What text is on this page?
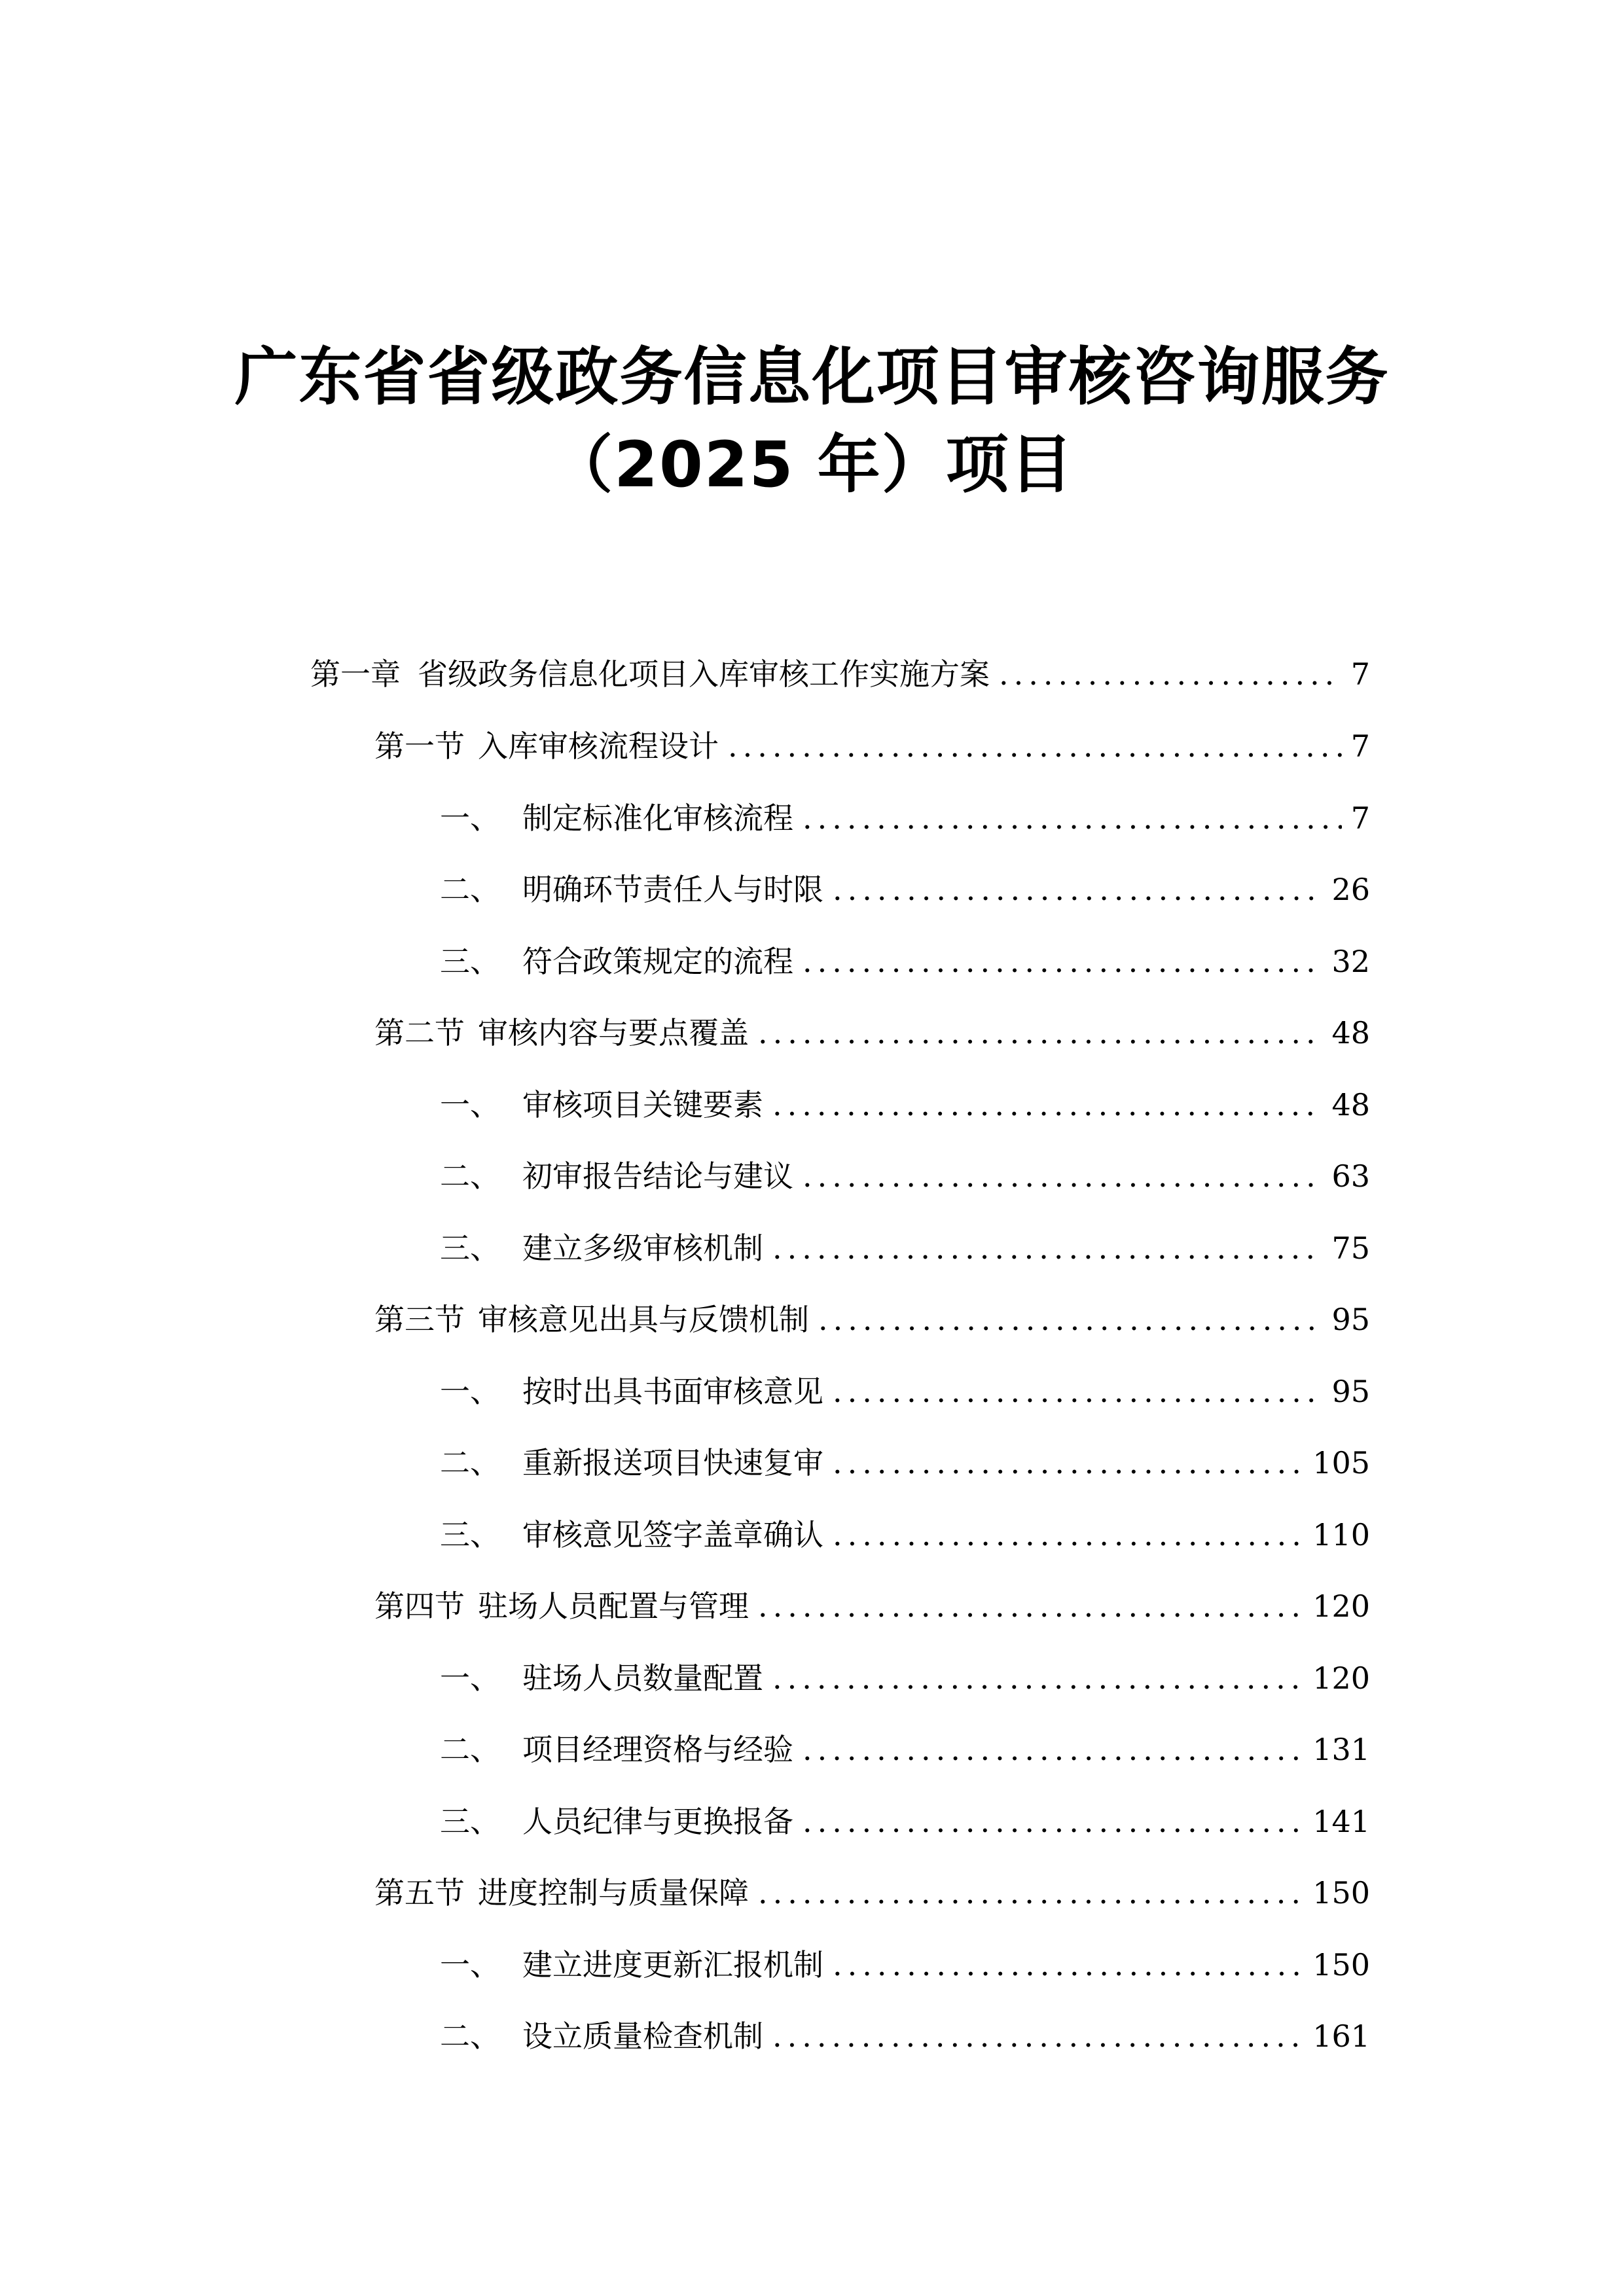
广东省省级政务信息化项目审核咨询服务
（2025 年）项目
第一章 省级政务信息化项目入库审核工作实施方案 .....	7
第一节 入库审核流程设计 .....	7
一、 制定标准化审核流程 .....	7
二、 明确环节责任人与时限 .....	26
三、 符合政策规定的流程 .....	32
第二节 审核内容与要点覆盖 .....	48
一、 审核项目关键要素 .....	48
二、 初审报告结论与建议 .....	63
三、 建立多级审核机制 .....	75
第三节 审核意见出具与反馈机制 .....	95
一、 按时出具书面审核意见 .....	95
二、 重新报送项目快速复审 .....	105
三、 审核意见签字盖章确认 .....	110
第四节 驻场人员配置与管理 .....	120
一、 驻场人员数量配置 .....	120
二、 项目经理资格与经验 .....	131
三、 人员纪律与更换报备 .....	141
第五节 进度控制与质量保障 .....	150
一、 建立进度更新汇报机制 .....	150
二、 设立质量检查机制 .....	161
